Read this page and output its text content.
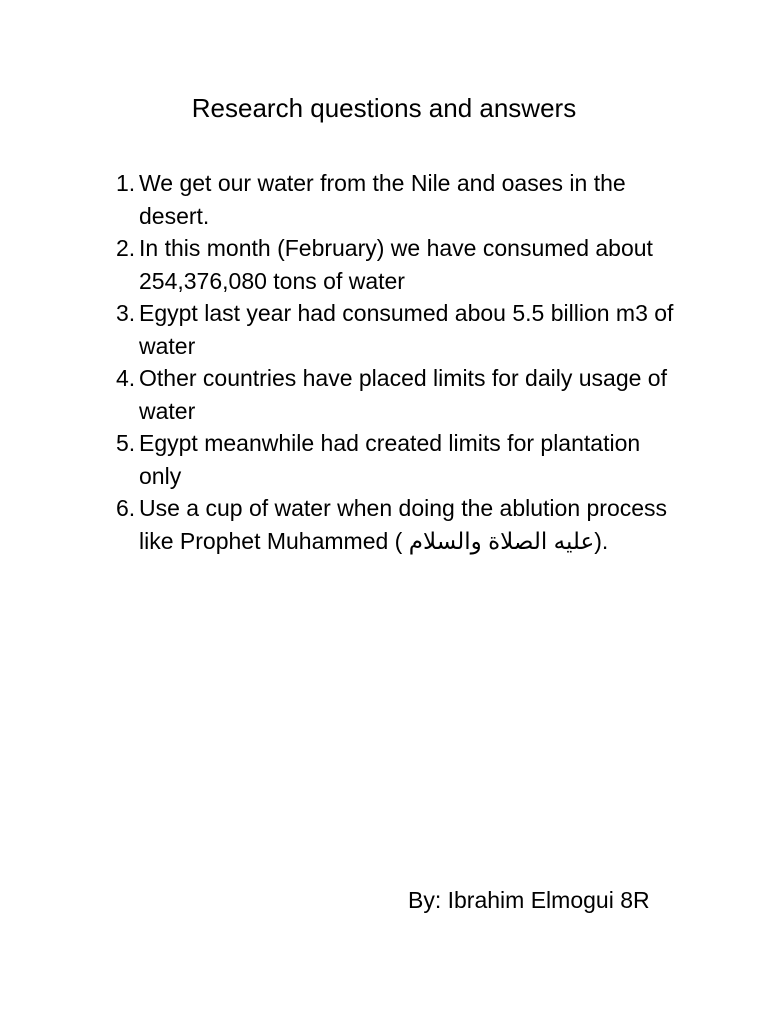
Research questions and answers
1. We get our water from the Nile and oases in the desert.
2. In this month (February) we have consumed about 254,376,080 tons of water
3. Egypt last year had consumed abou 5.5 billion m3 of water
4. Other countries have placed limits for daily usage of water
5. Egypt meanwhile had created limits for plantation only
6. Use a cup of water when doing the ablution process like Prophet Muhammed ( عليه الصلاة والسلام).
By: Ibrahim Elmogui 8R
